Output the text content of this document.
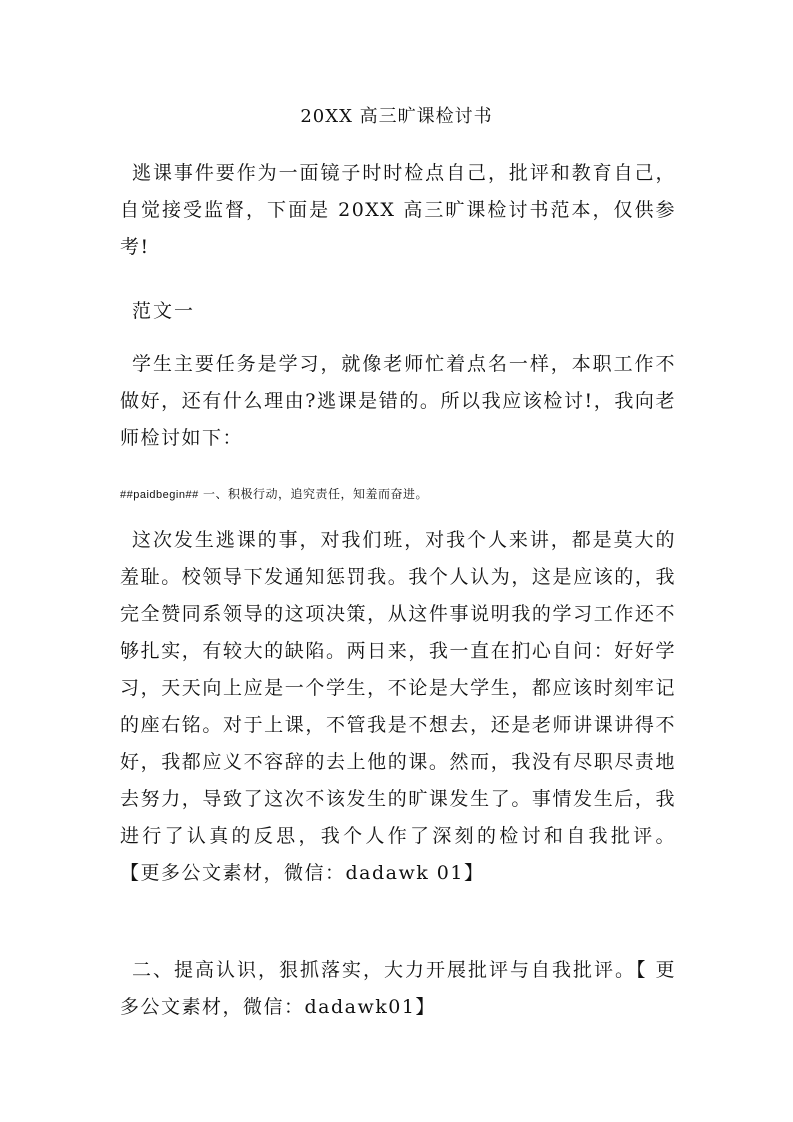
20XX 高三旷课检讨书

逃课事件要作为一面镜子时时检点自己，批评和教育自己，自觉接受监督，下面是 20XX 高三旷课检讨书范本，仅供参考!

范文一

学生主要任务是学习，就像老师忙着点名一样，本职工作不做好，还有什么理由?逃课是错的。所以我应该检讨!，我向老师检讨如下：

##paidbegin## 一、积极行动，追究责任，知羞而奋进。

这次发生逃课的事，对我们班，对我个人来讲，都是莫大的羞耻。校领导下发通知惩罚我。我个人认为，这是应该的，我完全赞同系领导的这项决策，从这件事说明我的学习工作还不够扎实，有较大的缺陷。两日来，我一直在扪心自问：好好学习，天天向上应是一个学生，不论是大学生，都应该时刻牢记的座右铭。对于上课，不管我是不想去，还是老师讲课讲得不好，我都应义不容辞的去上他的课。然而，我没有尽职尽责地去努力，导致了这次不该发生的旷课发生了。事情发生后，我进行了认真的反思，我个人作了深刻的检讨和自我批评。 【更多公文素材，微信：dadawk 01】

二、提高认识，狠抓落实，大力开展批评与自我批评。【 更多公文素材，微信：dadawk01】
